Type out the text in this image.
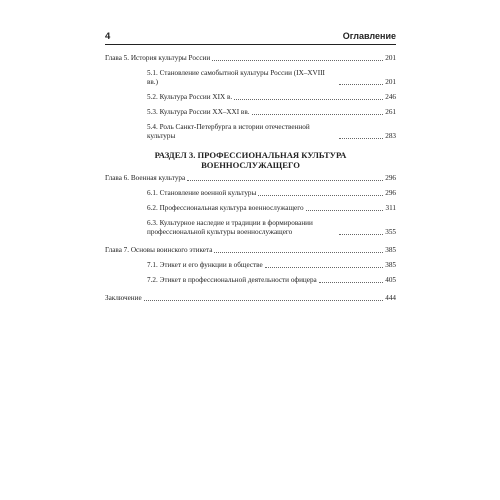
4	Оглавление
Глава 5. История культуры России	201
5.1. Становление самобытной культуры России (IX–XVIII вв.)	201
5.2. Культура России XIX в.	246
5.3. Культура России XX–XXI вв.	261
5.4. Роль Санкт-Петербурга в истории отечественной культуры	283
РАЗДЕЛ 3. ПРОФЕССИОНАЛЬНАЯ КУЛЬТУРА ВОЕННОСЛУЖАЩЕГО
Глава 6. Военная культура	296
6.1. Становление военной культуры	296
6.2. Профессиональная культура военнослужащего	311
6.3. Культурное наследие и традиции в формировании профессиональной культуры военнослужащего	355
Глава 7. Основы воинского этикета	385
7.1. Этикет и его функции в обществе	385
7.2. Этикет в профессиональной деятельности офицера	405
Заключение	444
